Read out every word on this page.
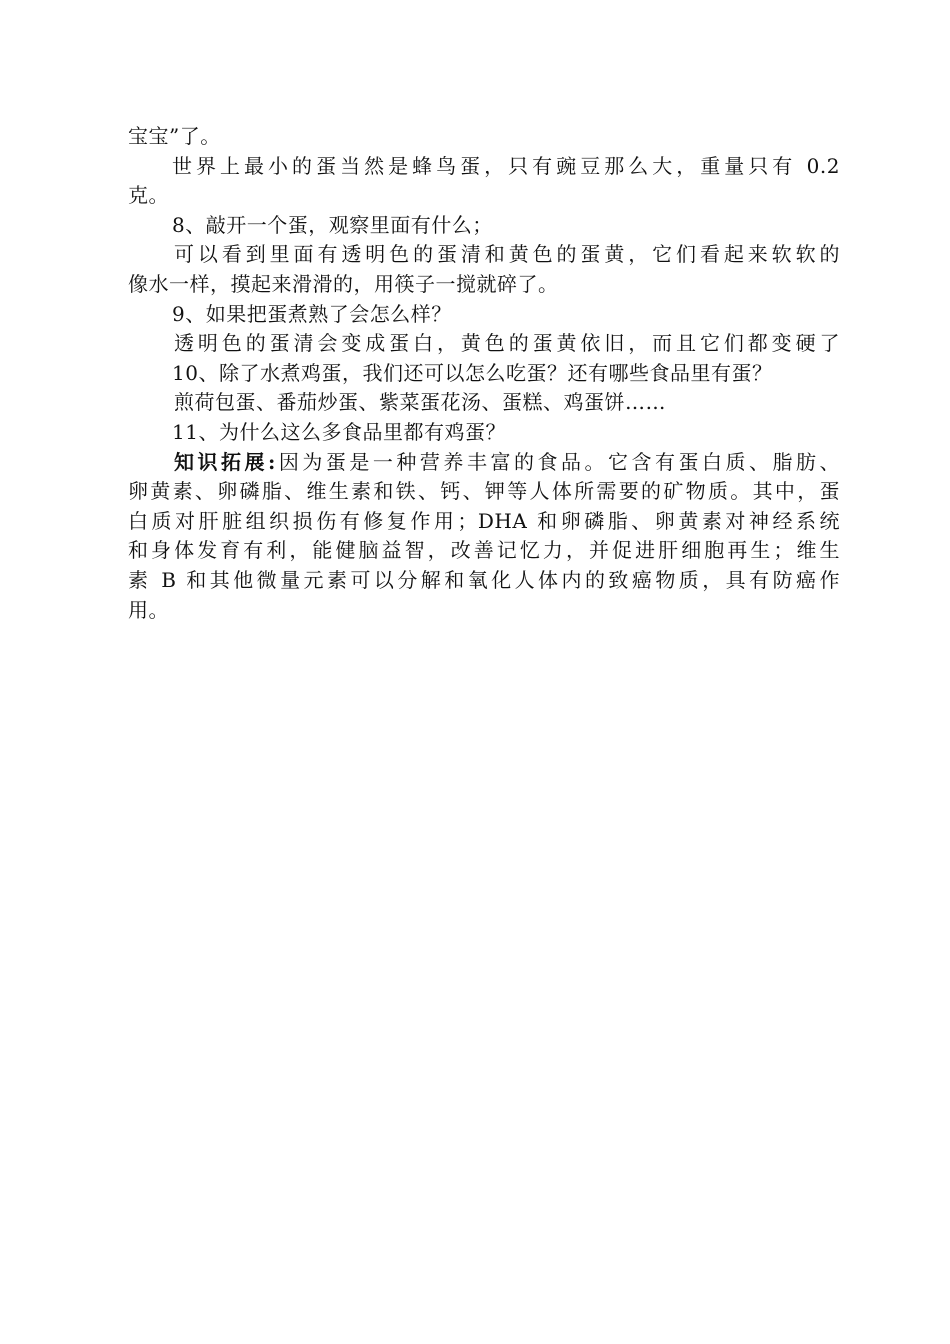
宝宝”了。
世界上最小的蛋当然是蜂鸟蛋，只有豌豆那么大，重量只有 0.2
克。
8、敲开一个蛋，观察里面有什么；
可以看到里面有透明色的蛋清和黄色的蛋黄，它们看起来软软的
像水一样，摸起来滑滑的，用筷子一搅就碎了。
9、如果把蛋煮熟了会怎么样？
透明色的蛋清会变成蛋白，黄色的蛋黄依旧，而且它们都变硬了
10、除了水煮鸡蛋，我们还可以怎么吃蛋？还有哪些食品里有蛋？
煎荷包蛋、番茄炒蛋、紫菜蛋花汤、蛋糕、鸡蛋饼……
11、为什么这么多食品里都有鸡蛋？
知识拓展:因为蛋是一种营养丰富的食品。它含有蛋白质、脂肪、
卵黄素、卵磷脂、维生素和铁、钙、钾等人体所需要的矿物质。其中，蛋
白质对肝脏组织损伤有修复作用；DHA 和卵磷脂、卵黄素对神经系统
和身体发育有利，能健脑益智，改善记忆力，并促进肝细胞再生；维生
素 B 和其他微量元素可以分解和氧化人体内的致癌物质，具有防癌作
用。
